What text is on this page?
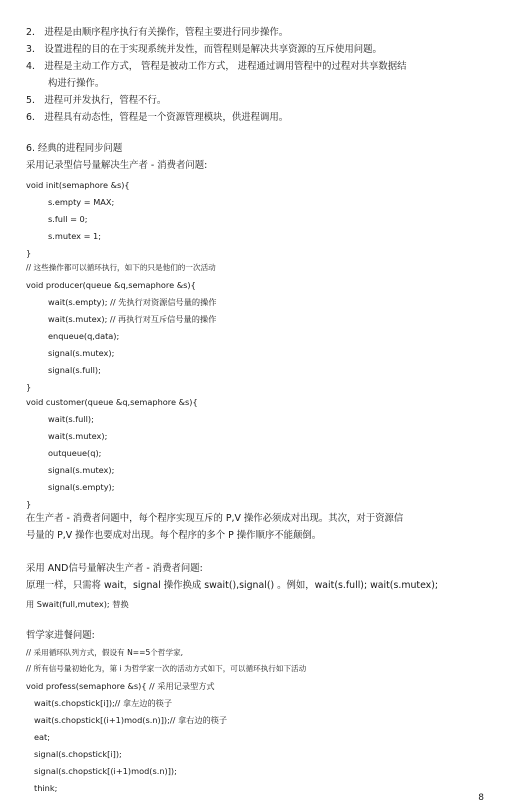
2． 进程是由顺序程序执行有关操作，管程主要进行同步操作。
3． 设置进程的目的在于实现系统并发性，而管程则是解决共享资源的互斥使用问题。
4． 进程是主动工作方式， 管程是被动工作方式， 进程通过调用管程中的过程对共享数据结
构进行操作。
5． 进程可并发执行，管程不行。
6． 进程具有动态性，管程是一个资源管理模块，供进程调用。
6. 经典的进程同步问题
采用记录型信号量解决生产者 - 消费者问题:
void init(semaphore &s){
s.empty = MAX;
s.full = 0;
s.mutex = 1;
}
// 这些操作都可以循环执行，如下的只是他们的一次活动
void producer(queue &q,semaphore &s){
wait(s.empty); // 先执行对资源信号量的操作
wait(s.mutex); // 再执行对互斥信号量的操作
enqueue(q,data);
signal(s.mutex);
signal(s.full);
}
void customer(queue &q,semaphore &s){
wait(s.full);
wait(s.mutex);
outqueue(q);
signal(s.mutex);
signal(s.empty);
}
在生产者 - 消费者问题中，每个程序实现互斥的 P,V 操作必须成对出现。其次，对于资源信
号量的 P,V 操作也要成对出现。每个程序的多个 P 操作顺序不能颠倒。
采用 AND信号量解决生产者 - 消费者问题:
原理一样，只需将 wait，signal 操作换成 swait(),signal() 。例如，wait(s.full); wait(s.mutex);
用 Swait(full,mutex); 替换
哲学家进餐问题:
// 采用循环队列方式，假设有 N==5个哲学家,
// 所有信号量初始化为，第 i 为哲学家一次的活动方式如下，可以循环执行如下活动
void profess(semaphore &s){ // 采用记录型方式
wait(s.chopstick[i]);// 拿左边的筷子
wait(s.chopstick[(i+1)mod(s.n)]);// 拿右边的筷子
eat;
signal(s.chopstick[i]);
signal(s.chopstick[(i+1)mod(s.n)]);
think;
8
